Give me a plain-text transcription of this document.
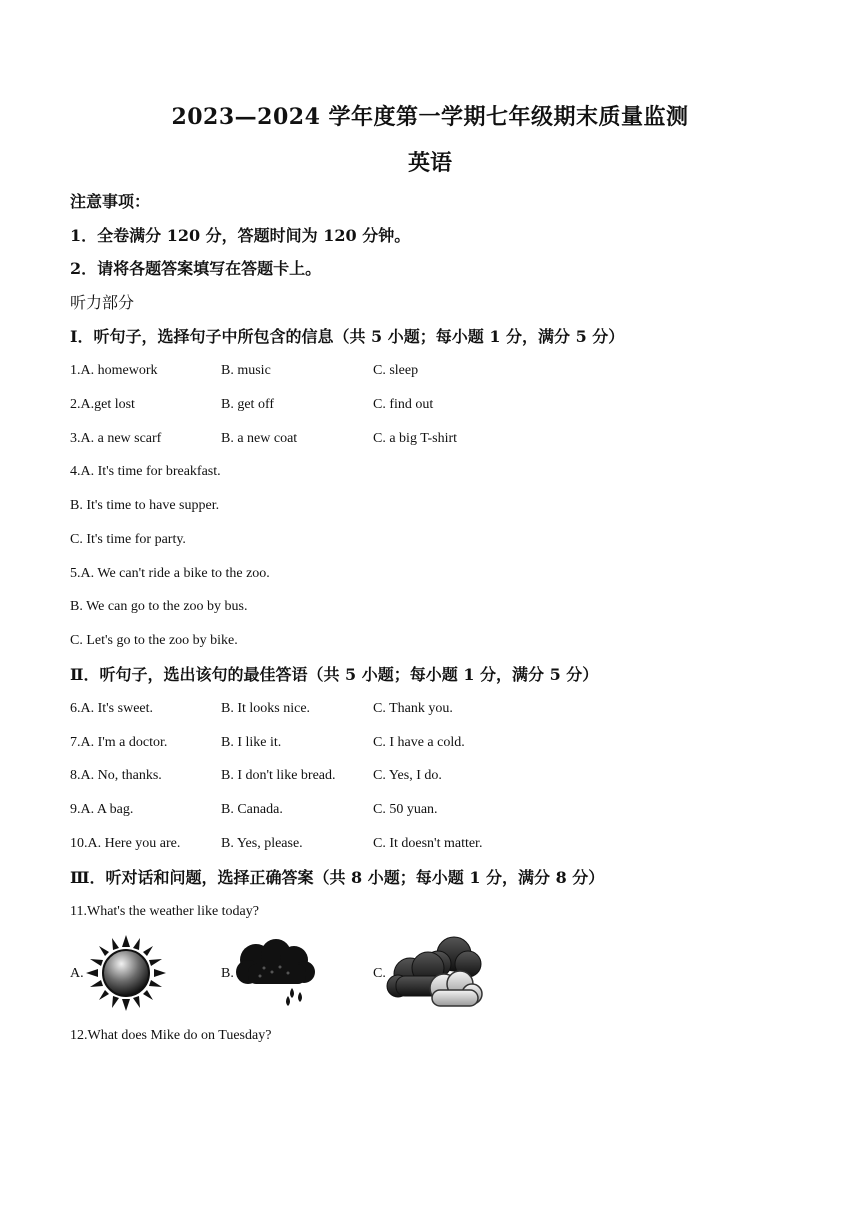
2023—2024 学年度第一学期七年级期末质量监测
英语
注意事项：
1．全卷满分 120 分，答题时间为 120 分钟。
2．请将各题答案填写在答题卡上。
听力部分
Ⅰ．听句子，选择句子中所包含的信息（共 5 小题；每小题 1 分，满分 5 分）
1.A. homework	B. music	C. sleep
2.A.get lost	B. get off	C. find out
3.A. a new scarf	B. a new coat	C. a big T-shirt
4.A. It's time for breakfast.
B. It's time to have supper.
C. It's time for party.
5.A. We can't ride a bike to the zoo.
B. We can go to the zoo by bus.
C. Let's go to the zoo by bike.
Ⅱ．听句子，选出该句的最佳答语（共 5 小题；每小题 1 分，满分 5 分）
6.A. It's sweet.	B. It looks nice.	C. Thank you.
7.A. I'm a doctor.	B. I like it.	C. I have a cold.
8.A. No, thanks.	B. I don't like bread.	C. Yes, I do.
9.A. A bag.	B. Canada.	C. 50 yuan.
10.A. Here you are.	B. Yes, please.	C. It doesn't matter.
Ⅲ．听对话和问题，选择正确答案（共 8 小题；每小题 1 分，满分 8 分）
11.What's the weather like today?
A.	B.	C.
12.What does Mike do on Tuesday?
